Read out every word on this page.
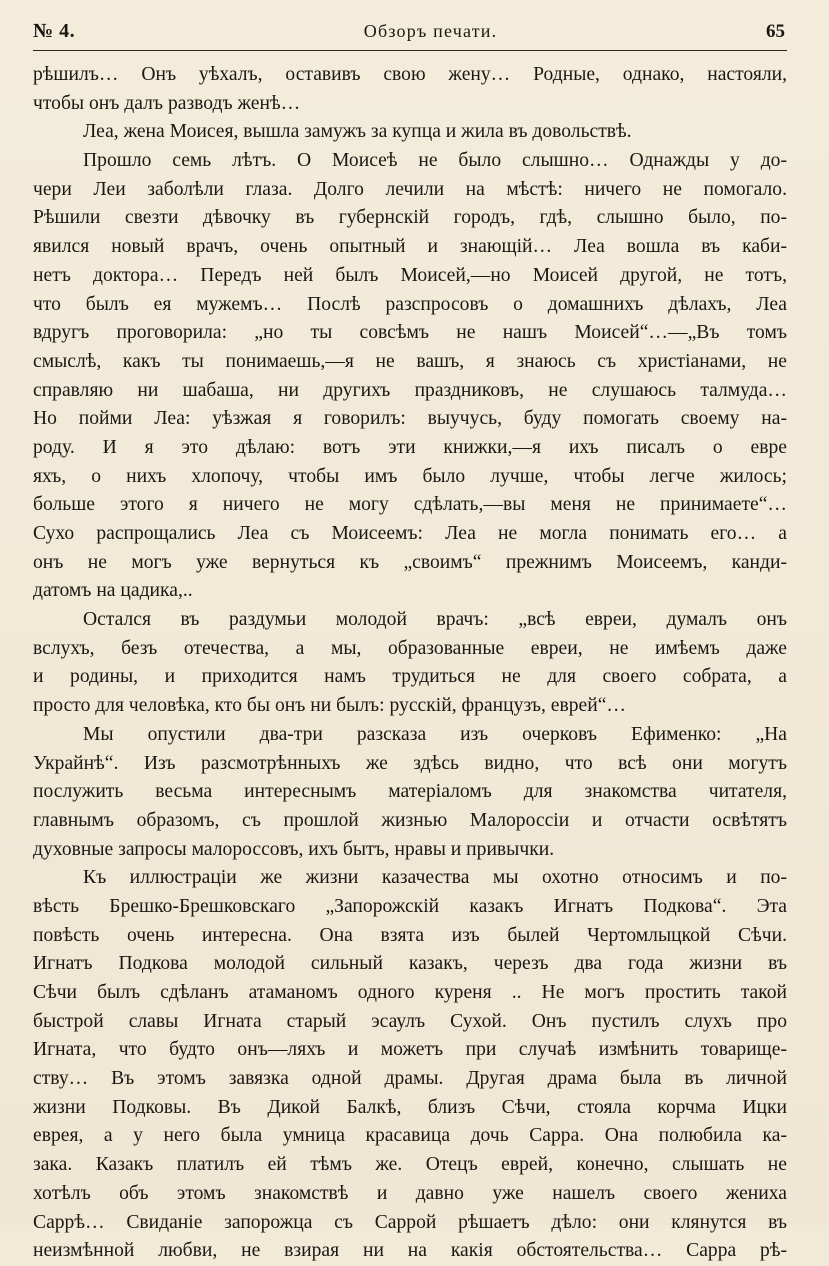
№ 4.	Обзоръ печати.	65
рѣшилъ… Онъ уѣхалъ, оставивъ свою жену… Родные, однако, настояли,
чтобы онъ далъ разводъ женѣ…
Леа, жена Моисея, вышла замужъ за купца и жила въ довольствѣ.
Прошло семь лѣтъ. О Моисеѣ не было слышно… Однажды у до-
чери Леи заболѣли глаза. Долго лечили на мѣстѣ: ничего не помогало.
Рѣшили свезти дѣвочку въ губернскій городъ, гдѣ, слышно было, по-
явился новый врачъ, очень опытный и знающій… Леа вошла въ каби-
нетъ доктора… Передъ ней былъ Моисей,—но Моисей другой, не тотъ,
что былъ ея мужемъ… Послѣ разспросовъ о домашнихъ дѣлахъ, Леа
вдругъ проговорила: „но ты совсѣмъ не нашъ Моисей“…—„Въ томъ
смыслѣ, какъ ты понимаешь,—я не вашъ, я знаюсь съ христіанами, не
справляю ни шабаша, ни другихъ праздниковъ, не слушаюсь талмуда…
Но пойми Леа: уѣзжая я говорилъ: выучусь, буду помогать своему на-
роду. И я это дѣлаю: вотъ эти книжки,—я ихъ писалъ о евре
яхъ, о нихъ хлопочу, чтобы имъ было лучше, чтобы легче жилось;
больше этого я ничего не могу сдѣлать,—вы меня не принимаете“…
Сухо распрощались Леа съ Моисеемъ: Леа не могла понимать его… а
онъ не могъ уже вернуться къ „своимъ“ прежнимъ Моисеемъ, канди-
датомъ на цадика,..
Остался въ раздумьи молодой врачъ: „всѣ евреи, думалъ онъ
вслухъ, безъ отечества, а мы, образованные евреи, не имѣемъ даже
и родины, и приходится намъ трудиться не для своего собрата, а
просто для человѣка, кто бы онъ ни былъ: русскій, французъ, еврей“…
Мы опустили два-три разсказа изъ очерковъ Ефименко: „На
Украйнѣ“. Изъ разсмотрѣнныхъ же здѣсь видно, что всѣ они могутъ
послужить весьма интереснымъ матеріаломъ для знакомства читателя,
главнымъ образомъ, съ прошлой жизнью Малороссіи и отчасти освѣтятъ
духовные запросы малороссовъ, ихъ бытъ, нравы и привычки.
Къ иллюстраціи же жизни казачества мы охотно относимъ и по-
вѣсть Брешко-Брешковскаго „Запорожскій казакъ Игнатъ Подкова“. Эта
повѣсть очень интересна. Она взята изъ былей Чертомлыцкой Сѣчи.
Игнатъ Подкова молодой сильный казакъ, черезъ два года жизни въ
Сѣчи былъ сдѣланъ атаманомъ одного куреня .. Не могъ простить такой
быстрой славы Игната старый эсаулъ Сухой. Онъ пустилъ слухъ про
Игната, что будто онъ—ляхъ и можетъ при случаѣ измѣнить товарище-
ству… Въ этомъ завязка одной драмы. Другая драма была въ личной
жизни Подковы. Въ Дикой Балкѣ, близъ Сѣчи, стояла корчма Ицки
еврея, а у него была умница красавица дочь Сарра. Она полюбила ка-
зака. Казакъ платилъ ей тѣмъ же. Отецъ еврей, конечно, слышать не
хотѣлъ объ этомъ знакомствѣ и давно уже нашелъ своего жениха
Саррѣ… Свиданіе запорожца съ Саррой рѣшаетъ дѣло: они клянутся въ
неизмѣнной любви, не взирая ни на какія обстоятельства… Сарра рѣ-
